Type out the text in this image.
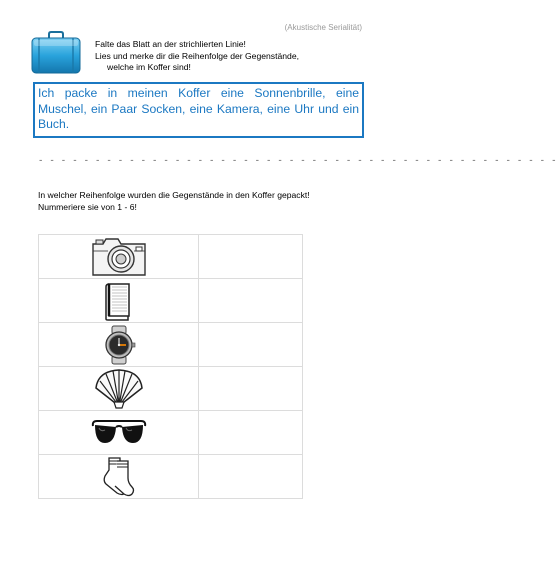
(Akustische Serialität)
Falte das Blatt an der strichlierten Linie!
Lies und merke dir die Reihenfolge der Gegenstände,
welche im Koffer sind!
Ich packe in meinen Koffer eine Sonnenbrille, eine Muschel, ein Paar Socken, eine Kamera, eine Uhr und ein Buch.
- - - - - - - - - - - - - - - - - - - - - - - - - - - - - - - - - - - - - - - - - - - - - -
In welcher Reihenfolge wurden die Gegenstände in den Koffer gepackt!
Nummeriere sie von 1 - 6!
